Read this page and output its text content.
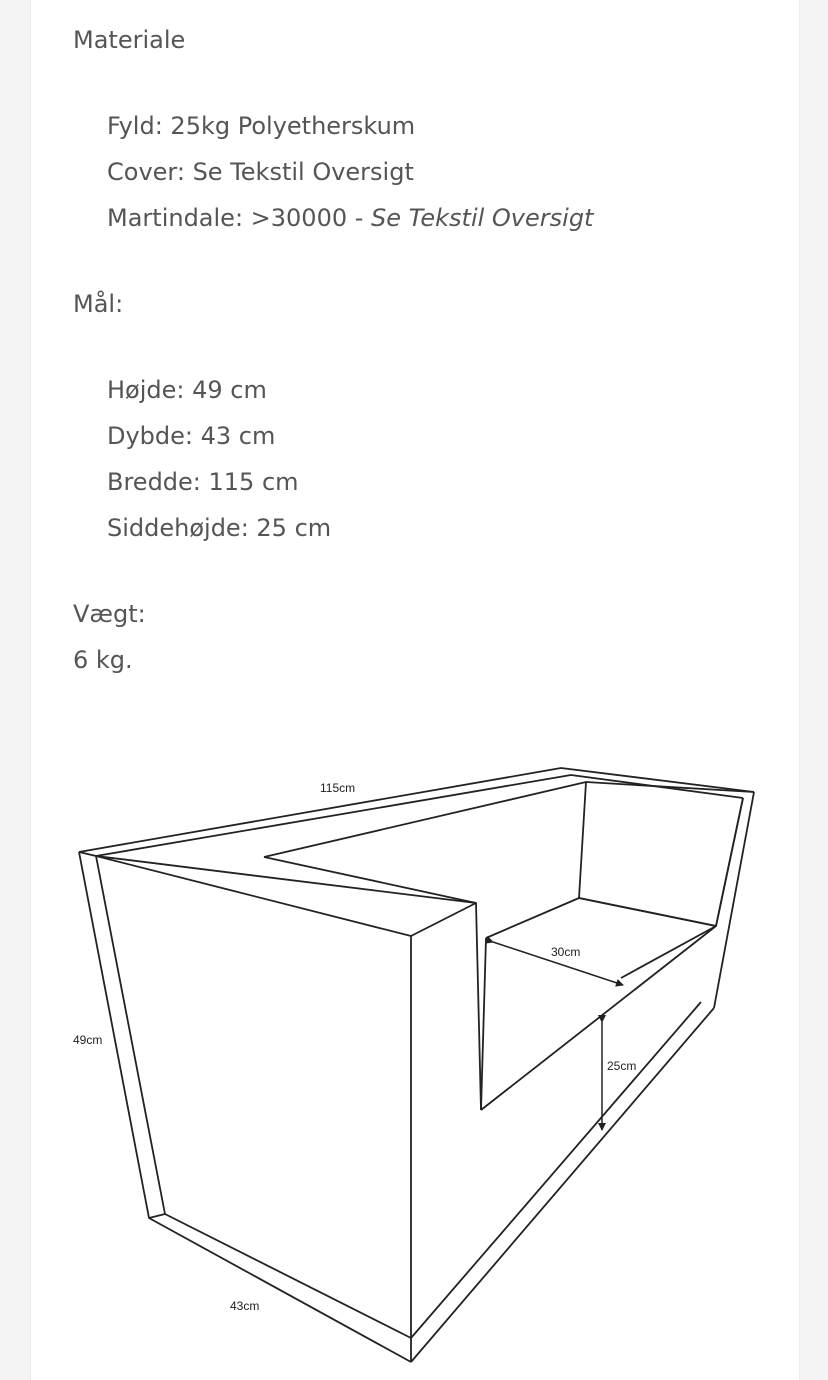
Materiale
Fyld: 25kg Polyetherskum
Cover: Se Tekstil Oversigt
Martindale: >30000 - Se Tekstil Oversigt
Mål:
Højde: 49 cm
Dybde: 43 cm
Bredde: 115 cm
Siddehøjde: 25 cm
Vægt:

6 kg.

115cm
49cm
43cm
30cm
25cm
